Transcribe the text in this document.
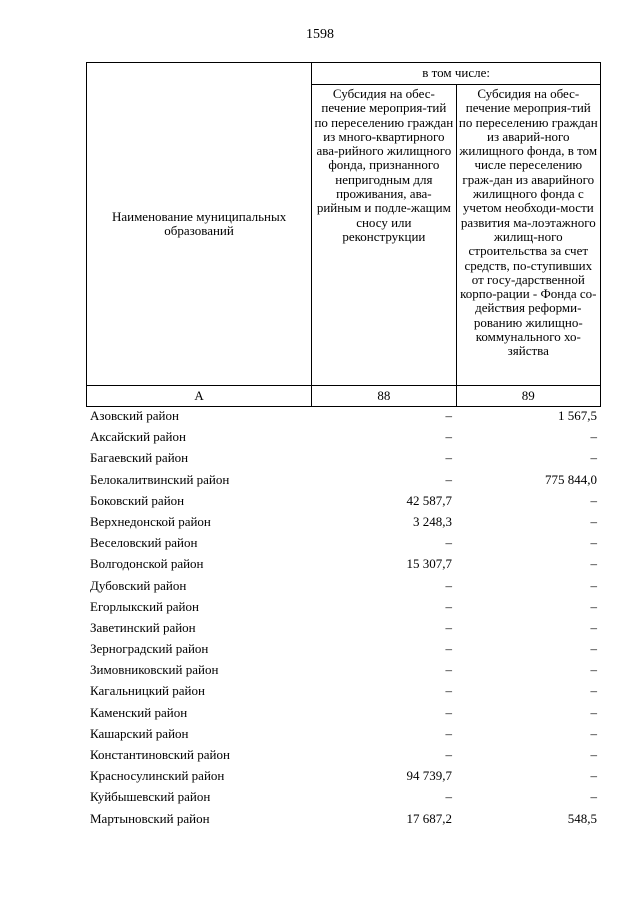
1598
Наименование муниципальных образований	в том числе:	
	Субсидия на обес-печение мероприя-тий по переселению граждан из много-квартирного ава-рийного жилищного фонда, признанного непригодным для проживания, ава-рийным и подле-жащим сносу или реконструкции	Субсидия на обес-печение мероприя-тий по переселению граждан из аварий-ного жилищного фонда, в том числе переселению граж-дан из аварийного жилищного фонда с учетом необходи-мости развития ма-лоэтажного жилищ-ного строительства за счет средств, по-ступивших от госу-дарственной корпо-рации - Фонда со-действия реформи-рованию жилищно-коммунального хо-зяйства
А	88	89
Азовский район	–	1 567,5
Аксайский район	–	–
Багаевский район	–	–
Белокалитвинский район	–	775 844,0
Боковский район	42 587,7	–
Верхнедонской район	3 248,3	–
Веселовский район	–	–
Волгодонской район	15 307,7	–
Дубовский район	–	–
Егорлыкский район	–	–
Заветинский район	–	–
Зерноградский район	–	–
Зимовниковский район	–	–
Кагальницкий район	–	–
Каменский район	–	–
Кашарский район	–	–
Константиновский район	–	–
Красносулинский район	94 739,7	–
Куйбышевский район	–	–
Мартыновский район	17 687,2	548,5
